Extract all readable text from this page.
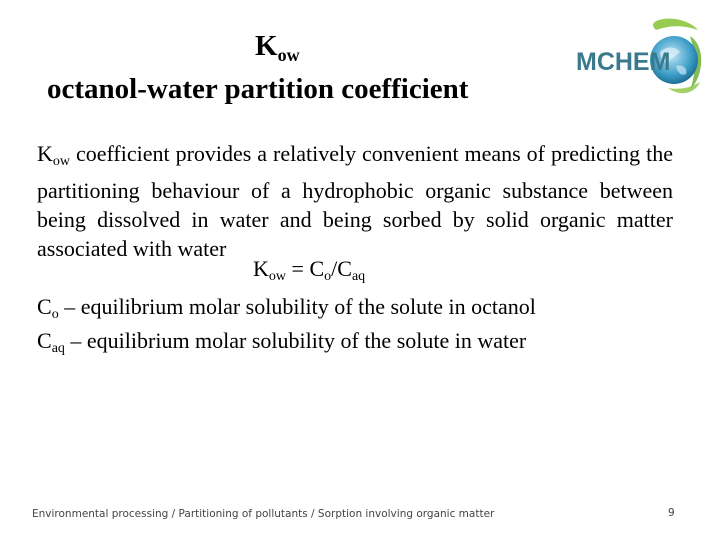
$K_{ow}$
octanol-water partition coefficient
MCHEM
$K_{ow}$ coefficient provides a relatively convenient means of predicting the partitioning behaviour of a hydrophobic organic substance between being dissolved in water and being sorbed by solid organic matter associated with water
$K_{ow} = C_o/C_{aq}$
$C_o$ – equilibrium molar solubility of the solute in octanol
$C_{aq}$ – equilibrium molar solubility of the solute in water
Environmental processing / Partitioning of pollutants / Sorption involving organic matter	9
